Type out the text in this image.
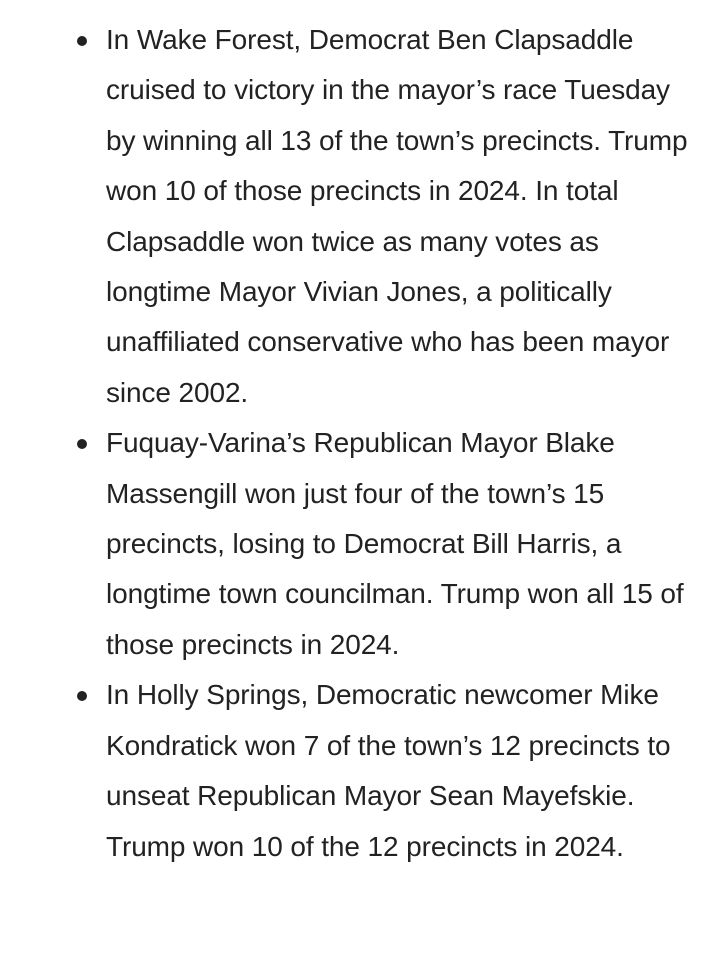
In Wake Forest, Democrat Ben Clapsaddle cruised to victory in the mayor’s race Tuesday by winning all 13 of the town’s precincts. Trump won 10 of those precincts in 2024. In total Clapsaddle won twice as many votes as longtime Mayor Vivian Jones, a politically unaffiliated conservative who has been mayor since 2002.
Fuquay-Varina’s Republican Mayor Blake Massengill won just four of the town’s 15 precincts, losing to Democrat Bill Harris, a longtime town councilman. Trump won all 15 of those precincts in 2024.
In Holly Springs, Democratic newcomer Mike Kondratick won 7 of the town’s 12 precincts to unseat Republican Mayor Sean Mayefskie. Trump won 10 of the 12 precincts in 2024.
